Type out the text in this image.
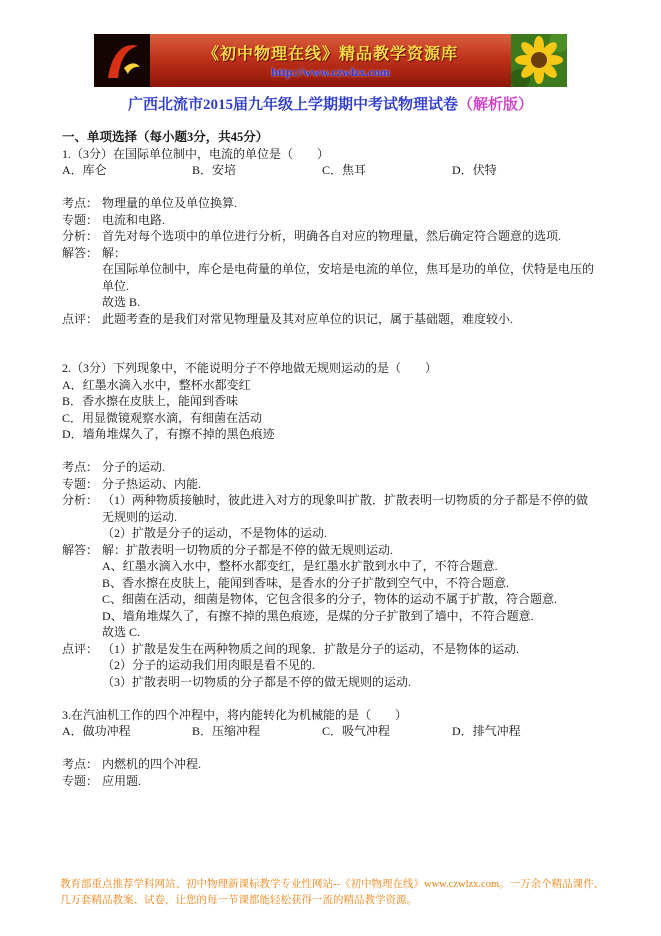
《初中物理在线》精品教学资源库
http://www.czwlzx.com
广西北流市2015届九年级上学期期中考试物理试卷（解析版）
一、单项选择（每小题3分，共45分）
1.（3分）在国际单位制中，电流的单位是（　　）
A．库仑	B．安培	C．焦耳	D．伏特
考点： 物理量的单位及单位换算.
专题： 电流和电路.
分析： 首先对每个选项中的单位进行分析，明确各自对应的物理量，然后确定符合题意的选项.
解答： 解：
在国际单位制中，库仑是电荷量的单位，安培是电流的单位，焦耳是功的单位，伏特是电压的单位.
故选 B.
点评： 此题考查的是我们对常见物理量及其对应单位的识记，属于基础题，难度较小.
2.（3分）下列现象中，不能说明分子不停地做无规则运动的是（　　）
A．红墨水滴入水中，整杯水都变红
B．香水擦在皮肤上，能闻到香味
C．用显微镜观察水滴，有细菌在活动
D．墙角堆煤久了，有擦不掉的黑色痕迹
考点： 分子的运动.
专题： 分子热运动、内能.
分析： （1）两种物质接触时，彼此进入对方的现象叫扩散．扩散表明一切物质的分子都是不停的做无规则的运动.
（2）扩散是分子的运动，不是物体的运动.
解答： 解：扩散表明一切物质的分子都是不停的做无规则运动.
A、红墨水滴入水中，整杯水都变红，是红墨水扩散到水中了，不符合题意.
B、香水擦在皮肤上，能闻到香味，是香水的分子扩散到空气中，不符合题意.
C、细菌在活动，细菌是物体，它包含很多的分子，物体的运动不属于扩散，符合题意.
D、墙角堆煤久了，有擦不掉的黑色痕迹，是煤的分子扩散到了墙中，不符合题意.
故选 C.
点评： （1）扩散是发生在两种物质之间的现象．扩散是分子的运动，不是物体的运动.
（2）分子的运动我们用肉眼是看不见的.
（3）扩散表明一切物质的分子都是不停的做无规则的运动.
3.在汽油机工作的四个冲程中，将内能转化为机械能的是（　　）
A．做功冲程	B．压缩冲程	C．吸气冲程	D．排气冲程
考点： 内燃机的四个冲程.
专题： 应用题.
教育部重点推荐学科网站、初中物理新课标教学专业性网站--《初中物理在线》www.czwlzx.com。一万余个精品课件、
几万套精品教案、试卷，让您的每一节课都能轻松获得一流的精品教学资源。
